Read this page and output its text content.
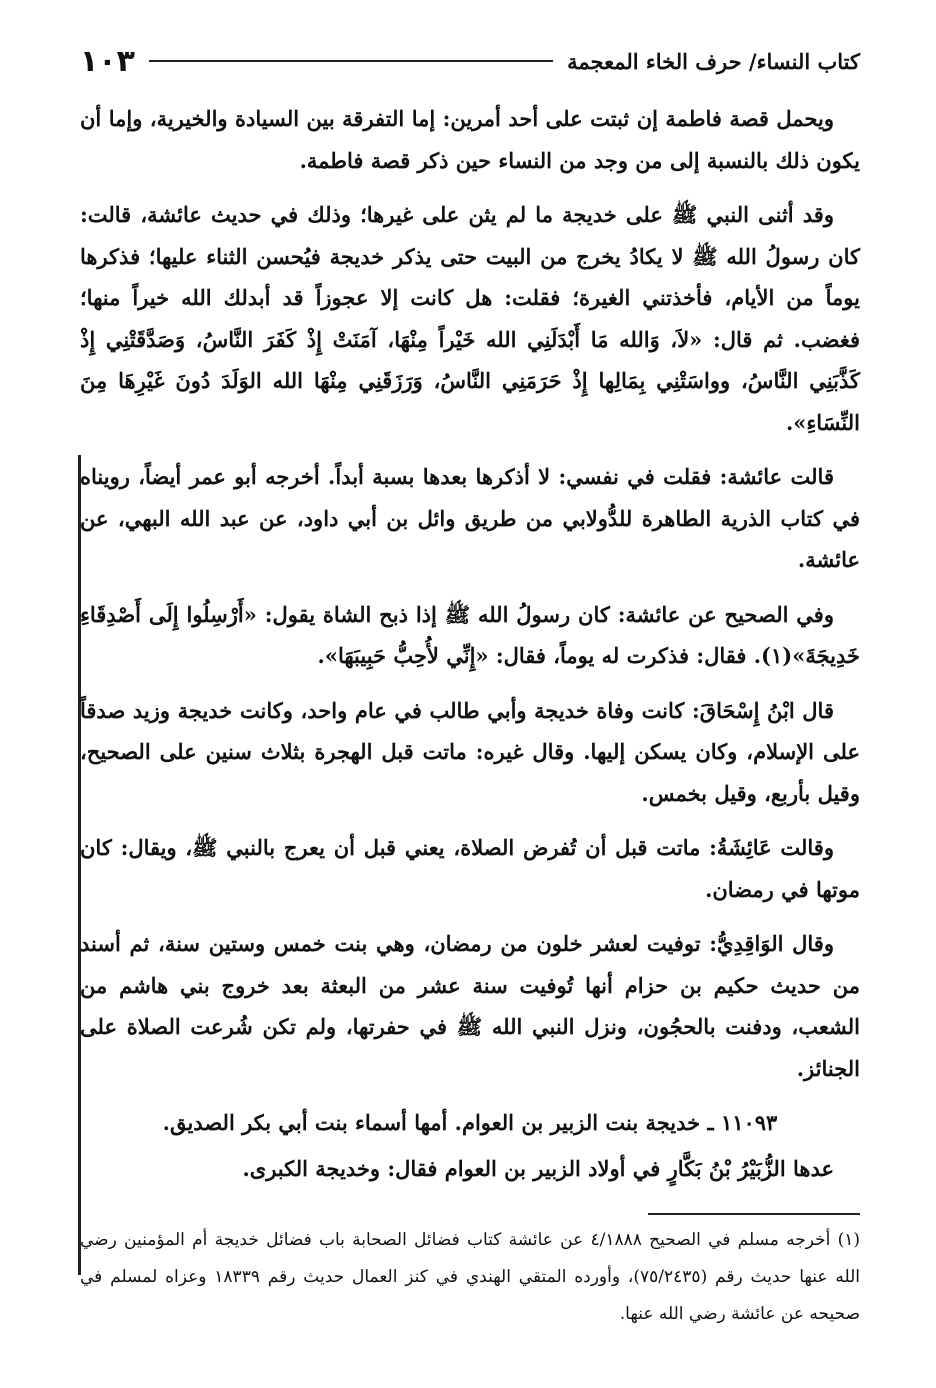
كتاب النساء/ حرف الخاء المعجمة
١٠٣

ويحمل قصة فاطمة إن ثبتت على أحد أمرين: إما التفرقة بين السيادة والخيرية، وإما أن يكون ذلك بالنسبة إلى من وجد من النساء حين ذكر قصة فاطمة.

وقد أثنى النبي ﷺ على خديجة ما لم يثن على غيرها؛ وذلك في حديث عائشة، قالت: كان رسولُ الله ﷺ لا يكادُ يخرج من البيت حتى يذكر خديجة فيُحسن الثناء عليها؛ فذكرها يوماً من الأيام، فأخذتني الغيرة؛ فقلت: هل كانت إلا عجوزاً قد أبدلك الله خيراً منها؛ فغضب. ثم قال: «لاَ، وَالله مَا أَبْدَلَنِي الله خَيْراً مِنْهَا، آمَنَتْ إِذْ كَفَرَ النَّاسُ، وَصَدَّقَتْنِي إِذْ كَذَّبَنِي النَّاسُ، وواسَتْنِي بِمَالِها إِذْ حَرَمَنِي النَّاسُ، وَرَزَقَنِي مِنْهَا الله الوَلَدَ دُونَ غَيْرِهَا مِنَ النِّسَاءِ».

قالت عائشة: فقلت في نفسي: لا أذكرها بعدها بسبة أبداً. أخرجه أبو عمر أيضاً، رويناه في كتاب الذرية الطاهرة للدُّولابي من طريق وائل بن أبي داود، عن عبد الله البهي، عن عائشة.

وفي الصحيح عن عائشة: كان رسولُ الله ﷺ إذا ذبح الشاة يقول: «أَرْسِلُوا إِلَى أَصْدِقَاءِ خَدِيجَةَ»(١). فقال: فذكرت له يوماً، فقال: «إِنِّي لأُحِبُّ حَبِيبَهَا».

قال ابْنُ إِسْحَاقَ: كانت وفاة خديجة وأبي طالب في عام واحد، وكانت خديجة وزيد صدقاً على الإسلام، وكان يسكن إليها. وقال غيره: ماتت قبل الهجرة بثلاث سنين على الصحيح، وقيل بأربع، وقيل بخمس.

وقالت عَائِشَةُ: ماتت قبل أن تُفرض الصلاة، يعني قبل أن يعرج بالنبي ﷺ، ويقال: كان موتها في رمضان.

وقال الوَاقِدِيُّ: توفيت لعشر خلون من رمضان، وهي بنت خمس وستين سنة، ثم أسند من حديث حكيم بن حزام أنها تُوفيت سنة عشر من البعثة بعد خروج بني هاشم من الشعب، ودفنت بالحجُون، ونزل النبي الله ﷺ في حفرتها، ولم تكن شُرعت الصلاة على الجنائز.

١١٠٩٣ ـ خديجة بنت الزبير بن العوام. أمها أسماء بنت أبي بكر الصديق.

عدها الزُّبَيْرُ بْنُ بَكَّارٍ في أولاد الزبير بن العوام فقال: وخديجة الكبرى.

(١) أخرجه مسلم في الصحيح ٤/١٨٨٨ عن عائشة كتاب فضائل الصحابة باب فضائل خديجة أم المؤمنين رضي الله عنها حديث رقم (٧٥/٢٤٣٥)، وأورده المتقي الهندي في كنز العمال حديث رقم ١٨٣٣٩ وعزاه لمسلم في صحيحه عن عائشة رضي الله عنها.
